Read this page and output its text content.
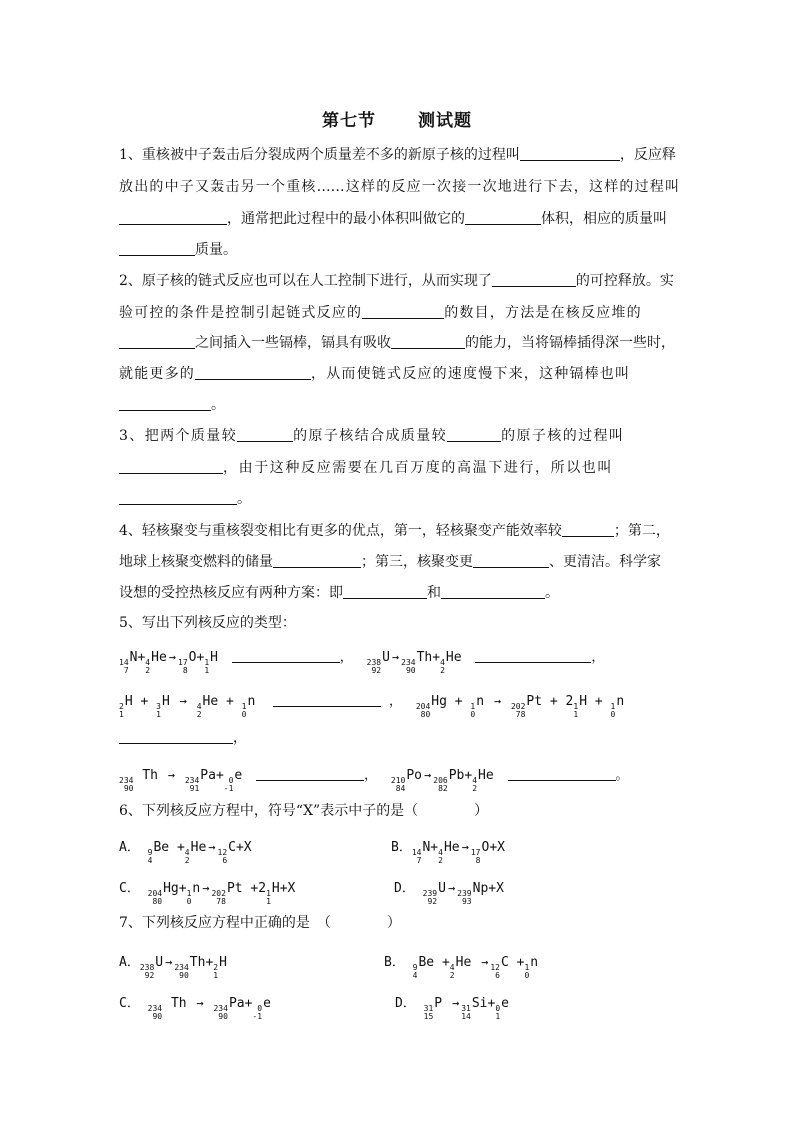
第七节 测试题
1、重核被中子轰击后分裂成两个质量差不多的新原子核的过程叫	，反应释
放出的中子又轰击另一个重核……这样的反应一次接一次地进行下去，这样的过程叫
，通常把此过程中的最小体积叫做它的	体积，相应的质量叫
质量。
2、原子核的链式反应也可以在人工控制下进行，从而实现了	的可控释放。实
验可控的条件是控制引起链式反应的	的数目，方法是在核反应堆的
之间插入一些镉棒，镉具有吸收	的能力，当将镉棒插得深一些时，
就能更多的	，从而使链式反应的速度慢下来，这种镉棒也叫
。
3、把两个质量较	的原子核结合成质量较	的原子核的过程叫
，由于这种反应需要在几百万度的高温下进行，所以也叫
。
4、轻核聚变与重核裂变相比有更多的优点，第一，轻核聚变产能效率较	；第二，
地球上核聚变燃料的储量	；第三，核聚变更	、更清洁。科学家
设想的受控热核反应有两种方案：即	和	。
5、写出下列核反应的类型：
14
7
N+ 4
2
He → 17
8
O+ 1
1
H	， 238
92
U → 234
90
Th+ 4
2
He	，
2
1
H + 3
1
H → 4
2
He + 1
0
n	， 204
80
Hg + 1
0
n → 202
78
Pt + 2 1
1
H + 1
0
n
，
234
90
Th → 234
91
Pa+ 0
-1
e	， 210
84
Po → 206
82
Pb+ 4
2
He	。
6、下列核反应方程中，符号“X”表示中子的是（　　　　）
A． 9
4
Be + 4
2
He → 12
6
C+X	B． 14
7
N+ 4
2
He → 17
8
O+X
C． 204
80
Hg+ 1
0
n → 202
78
Pt +2 1
1
H+X	D． 239
92
U → 239
93
Np+X
7、下列核反应方程中正确的是　（　　　　）
A． 238
92
U → 234
90
Th+ 2
1
H	B． 9
4
Be + 4
2
He → 12
6
C + 1
0
n
C． 234
90
Th → 234
90
Pa+ 0
-1
e	D． 31
15
P → 31
14
Si+ 0
1
e
